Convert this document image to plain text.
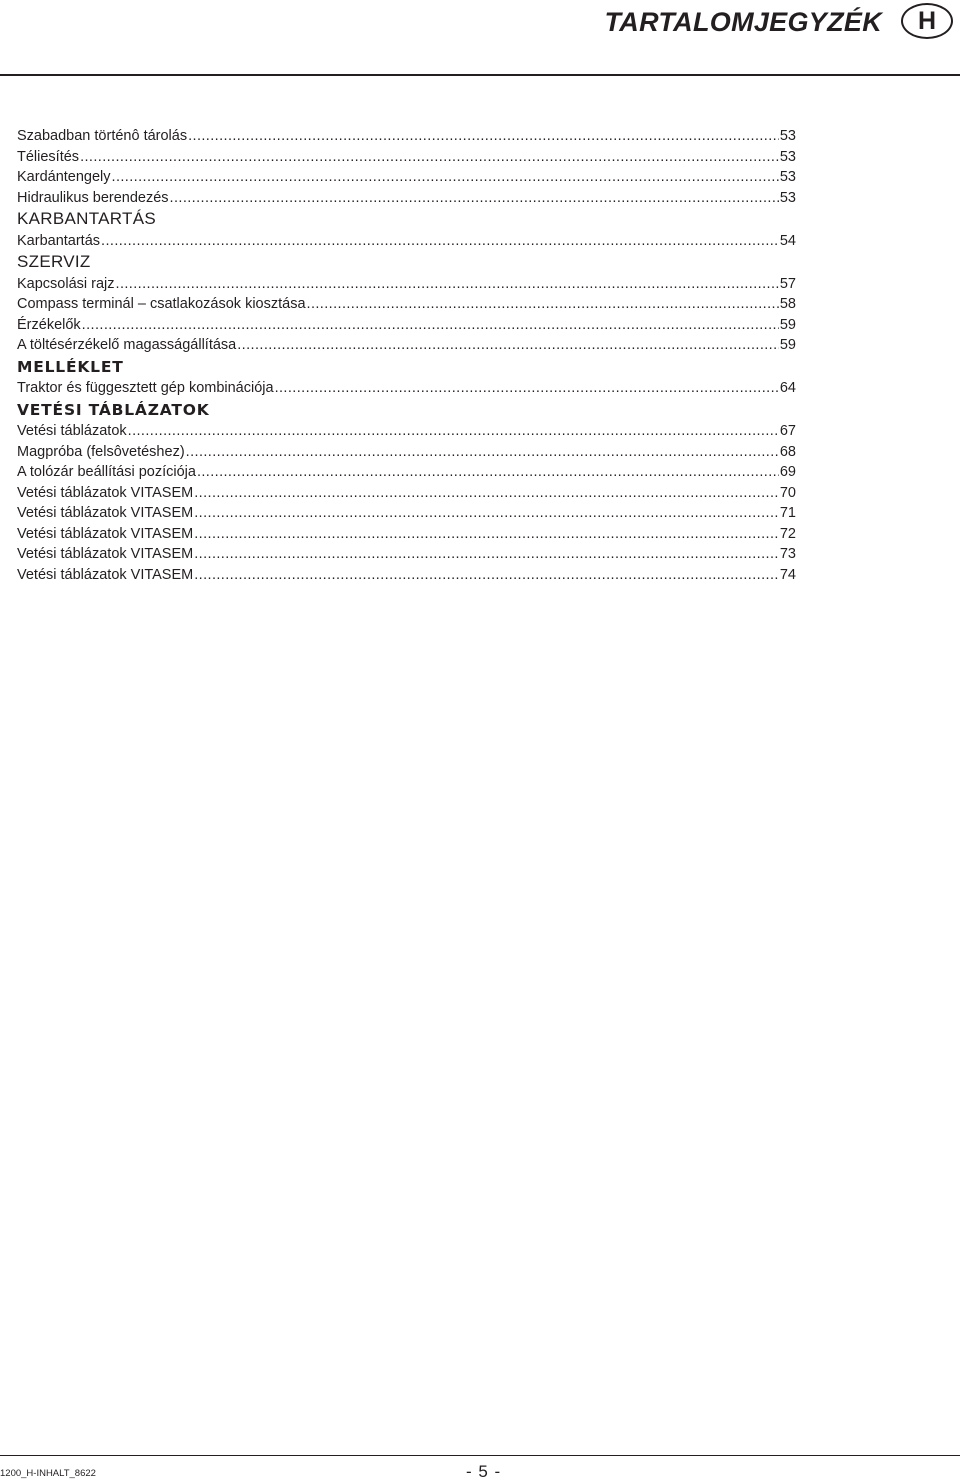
TARTALOMJEGYZÉK	H
Szabadban történô tárolás .....	53
Téliesítés .....	53
Kardántengely .....	53
Hidraulikus berendezés .....	53
KARBANTARTÁS
Karbantartás .....	54
SZERVIZ
Kapcsolási rajz .....	57
Compass terminál – csatlakozások kiosztása .....	58
Érzékelők .....	59
A töltésérzékelő magasságállítása .....	59
MELLÉKLET
Traktor és függesztett gép kombinációja .....	64
VETÉSI TÁBLÁZATOK
Vetési táblázatok .....	67
Magpróba (felsôvetéshez) .....	68
A tolózár beállítási pozíciója .....	69
Vetési táblázatok VITASEM .....	70
Vetési táblázatok VITASEM .....	71
Vetési táblázatok VITASEM .....	72
Vetési táblázatok VITASEM .....	73
Vetési táblázatok VITASEM .....	74
1200_H-INHALT_8622	- 5 -
